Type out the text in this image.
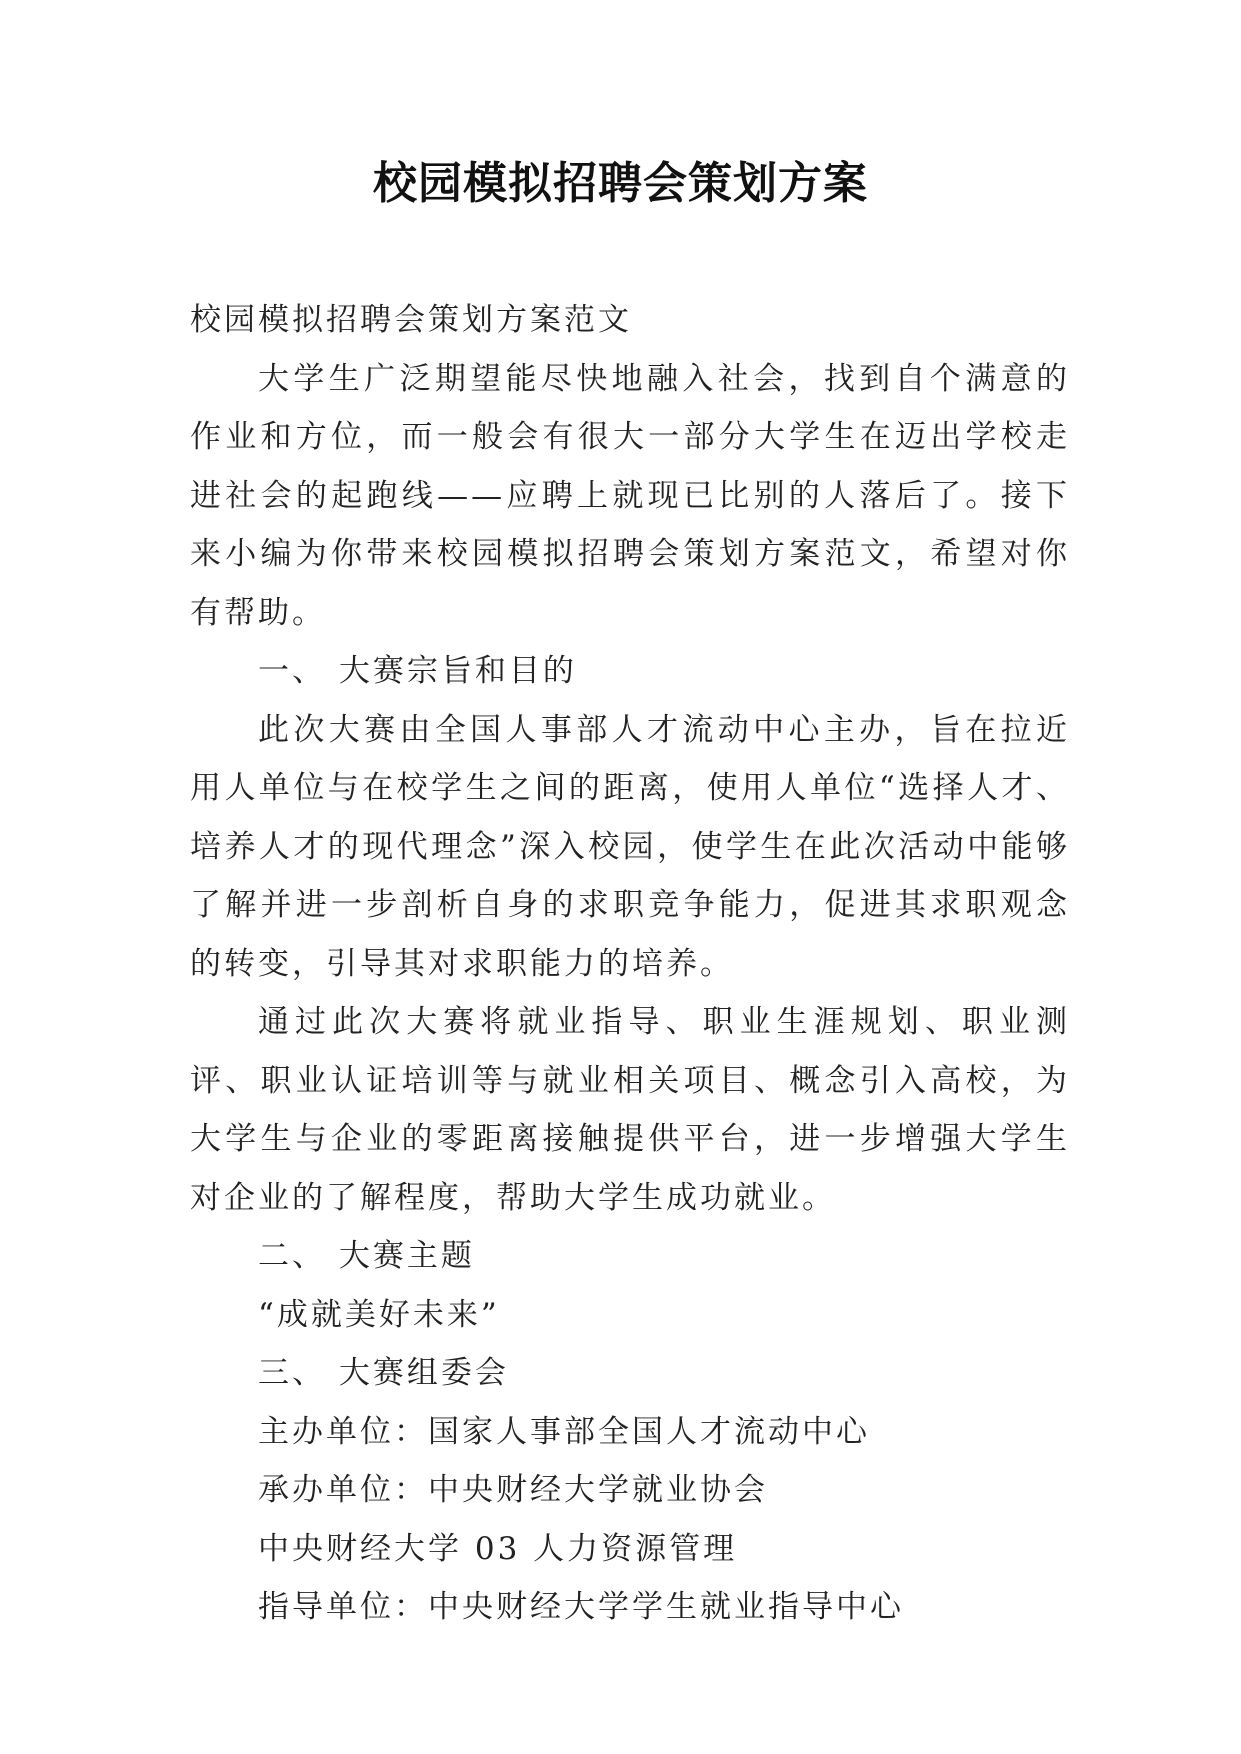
校园模拟招聘会策划方案

校园模拟招聘会策划方案范文

大学生广泛期望能尽快地融入社会，找到自个满意的作业和方位，而一般会有很大一部分大学生在迈出学校走进社会的起跑线——应聘上就现已比别的人落后了。接下来小编为你带来校园模拟招聘会策划方案范文，希望对你有帮助。

一、 大赛宗旨和目的

此次大赛由全国人事部人才流动中心主办，旨在拉近用人单位与在校学生之间的距离，使用人单位“选择人才、培养人才的现代理念”深入校园，使学生在此次活动中能够了解并进一步剖析自身的求职竞争能力，促进其求职观念的转变，引导其对求职能力的培养。

通过此次大赛将就业指导、职业生涯规划、职业测评、职业认证培训等与就业相关项目、概念引入高校，为大学生与企业的零距离接触提供平台，进一步增强大学生对企业的了解程度，帮助大学生成功就业。

二、 大赛主题

“成就美好未来”

三、 大赛组委会

主办单位：国家人事部全国人才流动中心

承办单位：中央财经大学就业协会

中央财经大学 03 人力资源管理

指导单位：中央财经大学学生就业指导中心
